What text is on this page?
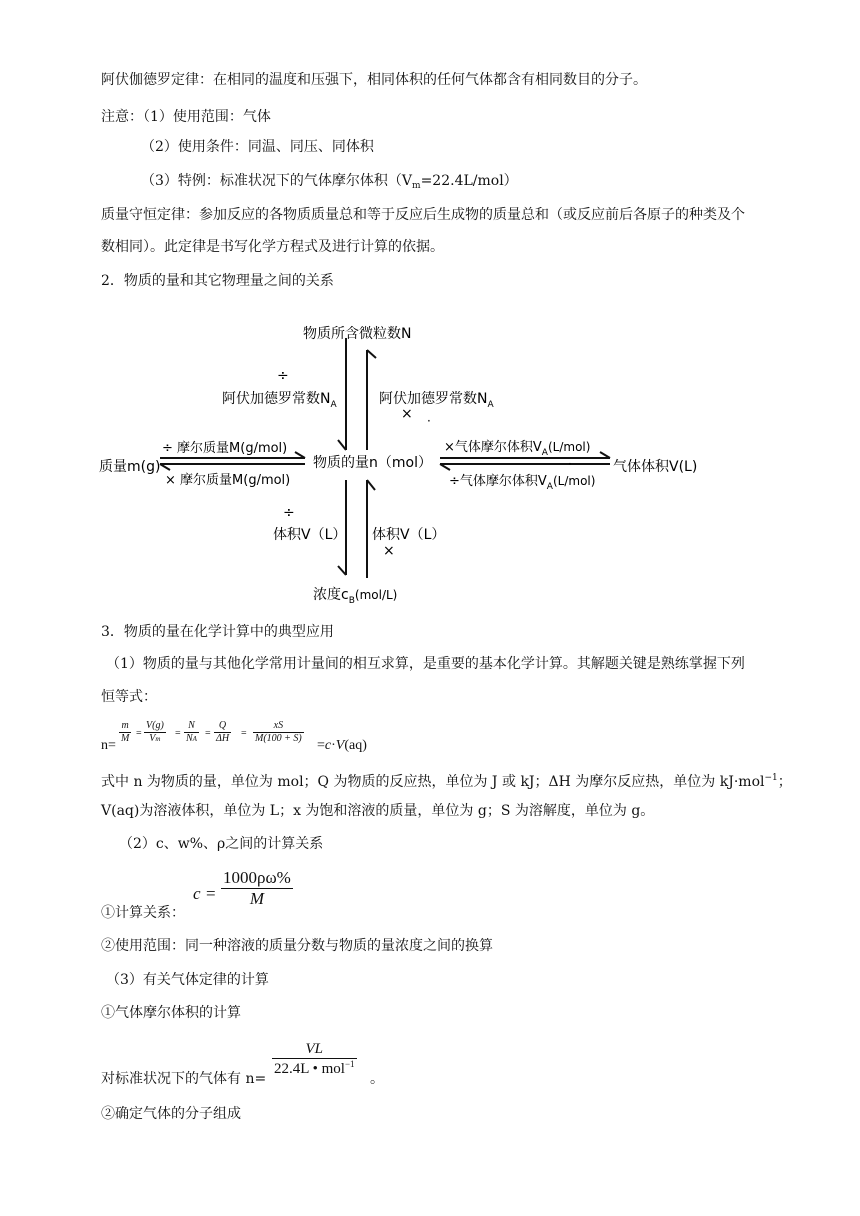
阿伏伽德罗定律：在相同的温度和压强下，相同体积的任何气体都含有相同数目的分子。
注意：（1）使用范围：气体
（2）使用条件：同温、同压、同体积
（3）特例：标准状况下的气体摩尔体积$(V_m=22.4L/mol)$
质量守恒定律：参加反应的各物质质量总和等于反应后生成物的质量总和（或反应前后各原子的种类及个
数相同）。此定律是书写化学方程式及进行计算的依据。
2．物质的量和其它物理量之间的关系
物质所含微粒数N
物质的量n（mol）
质量m(g)	气体体积V(L)
浓度$c_B(mol/L)$
÷
阿伏加德罗常数$N_A$	阿伏加德罗常数$N_A$
× ·
÷ 摩尔质量M(g/mol)
× 摩尔质量M(g/mol)
×气体摩尔体积$V_A(L/mol)$
÷气体摩尔体积$V_A(L/mol)$
·
÷
体积V（L） 体积V（L）
×
3．物质的量在化学计算中的典型应用
（1）物质的量与其他化学常用计量间的相互求算，是重要的基本化学计算。其解题关键是熟练掌握下列
恒等式：
n=
$\frac{m}{M} = \frac{V(g)}{Vm} = \frac{N}{NA} = \frac{Q}{\Delta H} = \frac{xS}{M(100 + S)}$
=c·V(aq)
式中 n 为物质的量，单位为 mol；Q 为物质的反应热，单位为 J 或 kJ；ΔH 为摩尔反应热，单位为 kJ·mol$^{-1}$；
V(aq)为溶液体积，单位为 L；x 为饱和溶液的质量，单位为 g；S 为溶解度，单位为 g。
（2）c、w%、ρ之间的计算关系
$c = \frac{1000\rho\omega\%}{M}$
①计算关系：
②使用范围：同一种溶液的质量分数与物质的量浓度之间的换算
（3）有关气体定律的计算
①气体摩尔体积的计算
对标准状况下的气体有 n=
$\frac{VL}{22.4L • mol^{-1}}$
。
②确定气体的分子组成
